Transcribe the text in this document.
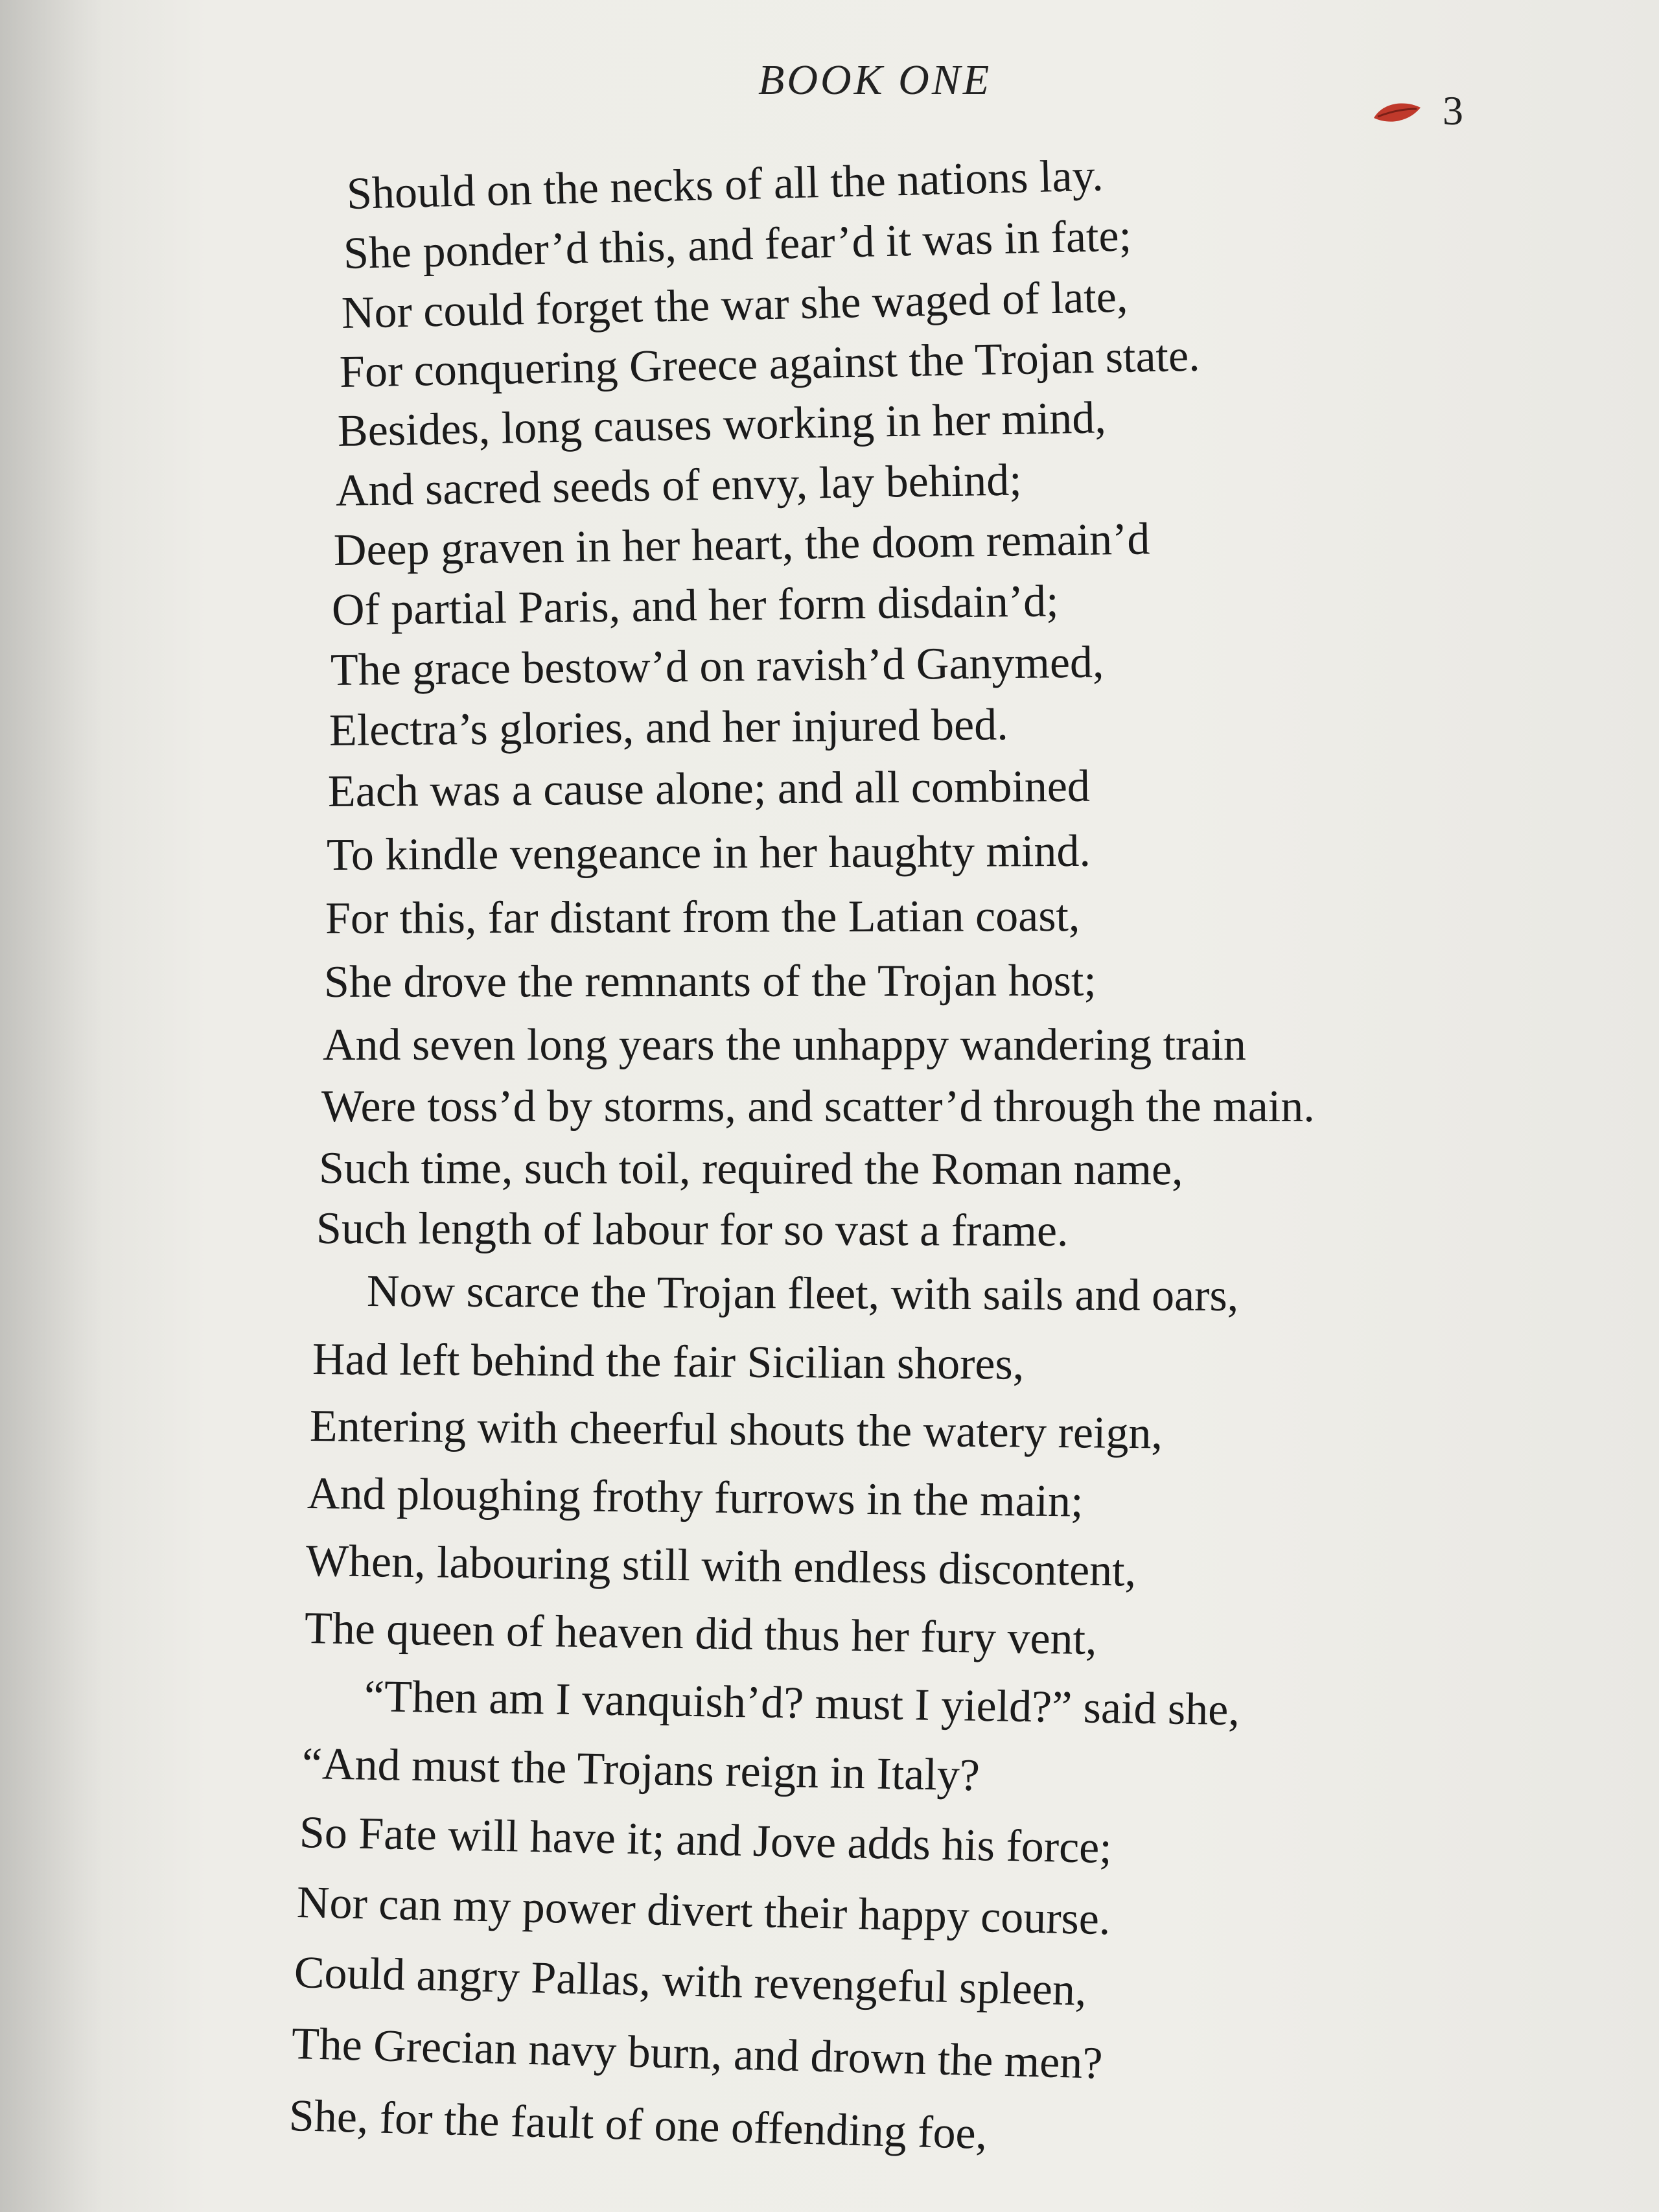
BOOK ONE
3
Should on the necks of all the nations lay.
She ponder’d this, and fear’d it was in fate;
Nor could forget the war she waged of late,
For conquering Greece against the Trojan state.
Besides, long causes working in her mind,
And sacred seeds of envy, lay behind;
Deep graven in her heart, the doom remain’d
Of partial Paris, and her form disdain’d;
The grace bestow’d on ravish’d Ganymed,
Electra’s glories, and her injured bed.
Each was a cause alone; and all combined
To kindle vengeance in her haughty mind.
For this, far distant from the Latian coast,
She drove the remnants of the Trojan host;
And seven long years the unhappy wandering train
Were toss’d by storms, and scatter’d through the main.
Such time, such toil, required the Roman name,
Such length of labour for so vast a frame.
Now scarce the Trojan fleet, with sails and oars,
Had left behind the fair Sicilian shores,
Entering with cheerful shouts the watery reign,
And ploughing frothy furrows in the main;
When, labouring still with endless discontent,
The queen of heaven did thus her fury vent,
“Then am I vanquish’d? must I yield?” said she,
“And must the Trojans reign in Italy?
So Fate will have it; and Jove adds his force;
Nor can my power divert their happy course.
Could angry Pallas, with revengeful spleen,
The Grecian navy burn, and drown the men?
She, for the fault of one offending foe,
